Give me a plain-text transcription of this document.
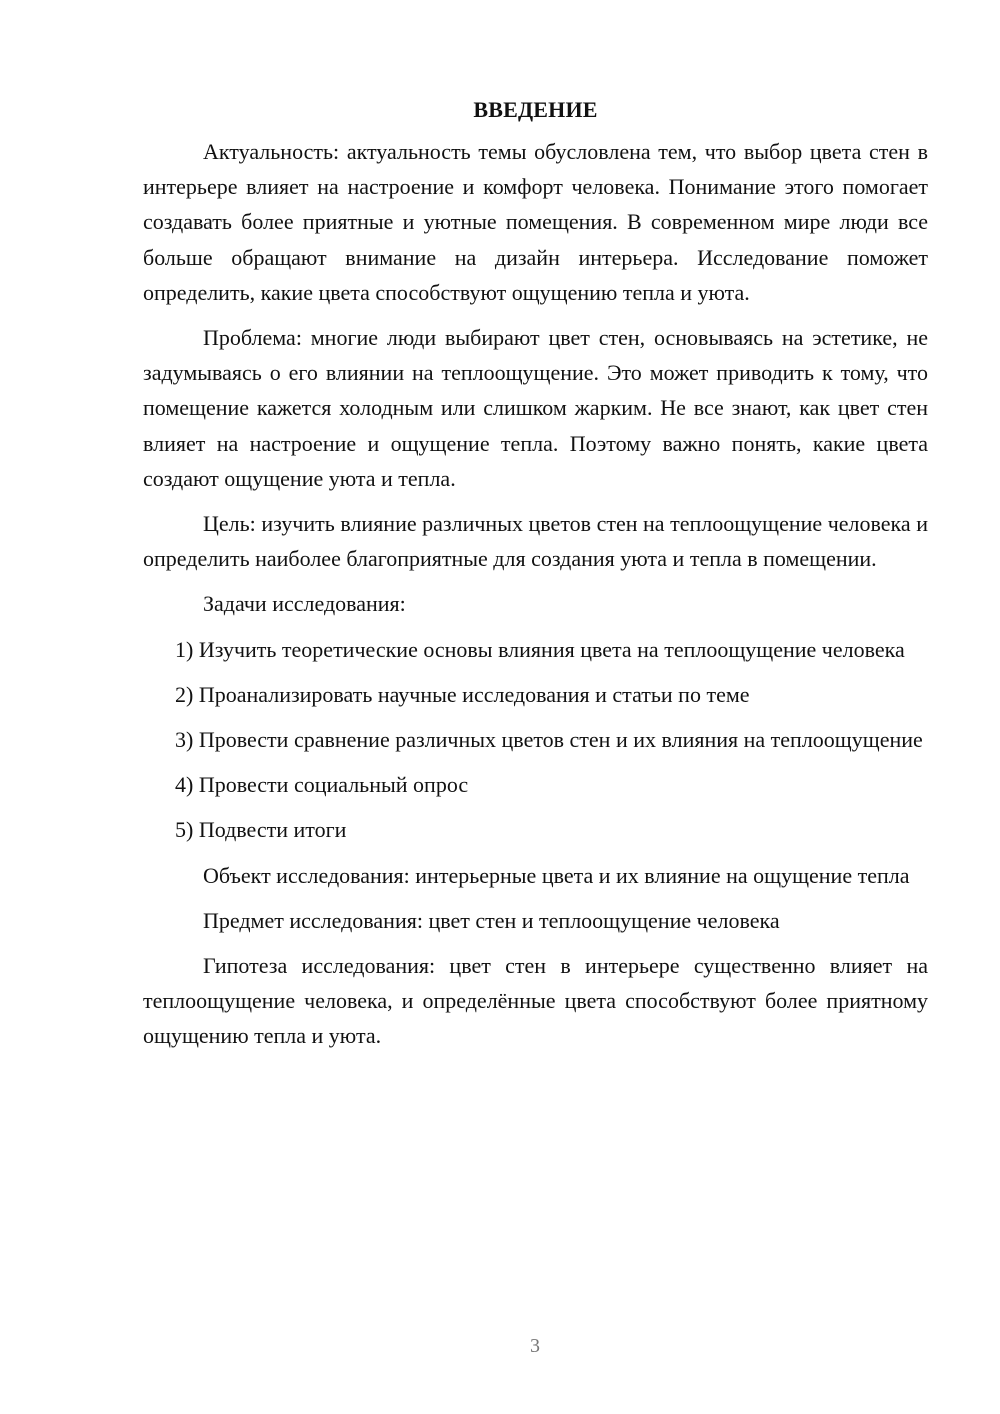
ВВЕДЕНИЕ

Актуальность: актуальность темы обусловлена тем, что выбор цвета стен в интерьере влияет на настроение и комфорт человека. Понимание этого помогает создавать более приятные и уютные помещения. В современном мире люди все больше обращают внимание на дизайн интерьера. Исследование поможет определить, какие цвета способствуют ощущению тепла и уюта.

Проблема: многие люди выбирают цвет стен, основываясь на эстетике, не задумываясь о его влиянии на теплоощущение. Это может приводить к тому, что помещение кажется холодным или слишком жарким. Не все знают, как цвет стен влияет на настроение и ощущение тепла. Поэтому важно понять, какие цвета создают ощущение уюта и тепла.

Цель: изучить влияние различных цветов стен на теплоощущение человека и определить наиболее благоприятные для создания уюта и тепла в помещении.

Задачи исследования:

1) Изучить теоретические основы влияния цвета на теплоощущение человека

2) Проанализировать научные исследования и статьи по теме

3) Провести сравнение различных цветов стен и их влияния на теплоощущение

4) Провести социальный опрос

5) Подвести итоги

Объект исследования: интерьерные цвета и их влияние на ощущение тепла

Предмет исследования: цвет стен и теплоощущение человека

Гипотеза исследования: цвет стен в интерьере существенно влияет на теплоощущение человека, и определённые цвета способствуют более приятному ощущению тепла и уюта.

3
